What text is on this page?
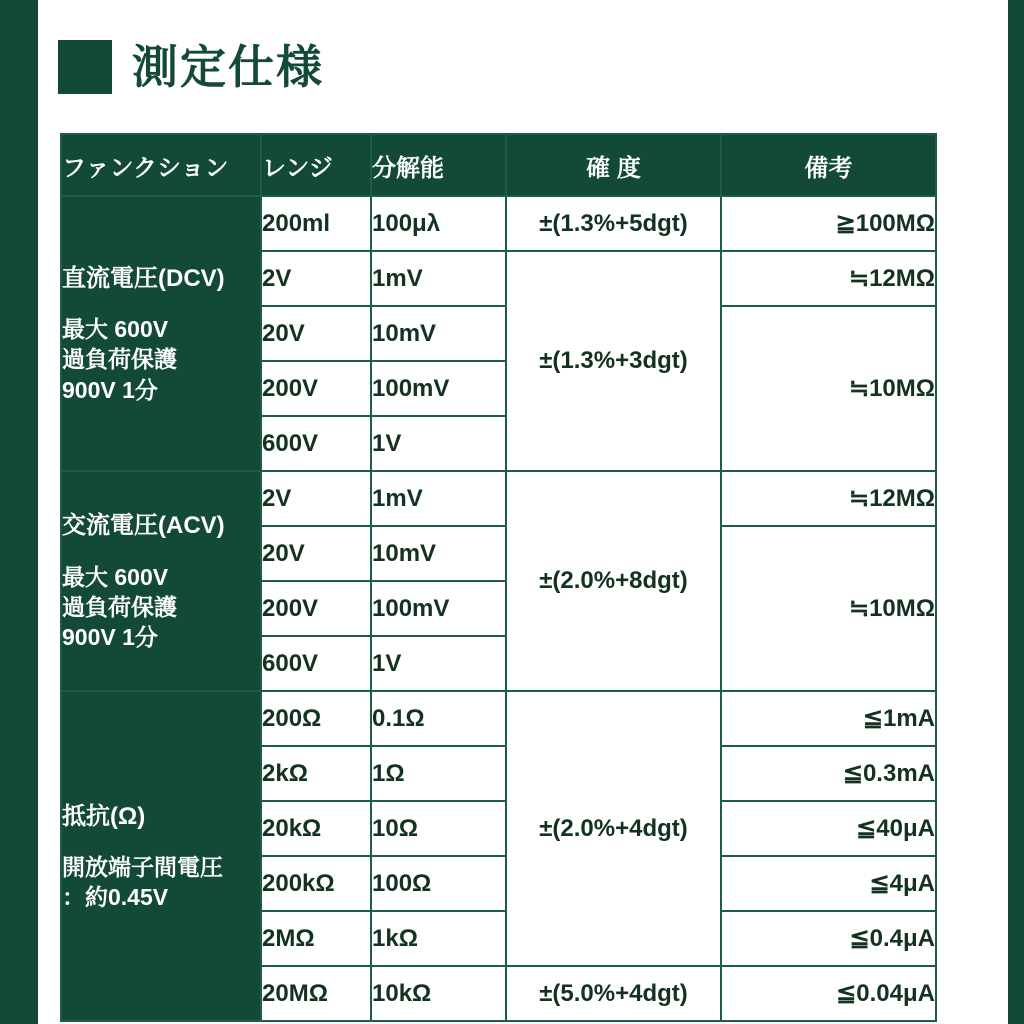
測定仕様
ファンクション	レンジ	分解能	確 度	備考

直流電圧(DCV)
最大 600V
過負荷保護
900V 1分	200ml	100μλ	±(1.3%+5dgt)	≧100MΩ
	2V	1mV	±(1.3%+3dgt)	≒12MΩ
	20V	10mV		≒10MΩ
	200V	100mV		
	600V	1V		

交流電圧(ACV)
最大 600V
過負荷保護
900V 1分	2V	1mV	±(2.0%+8dgt)	≒12MΩ
	20V	10mV		≒10MΩ
	200V	100mV		
	600V	1V		

抵抗(Ω)
開放端子間電圧
：約0.45V	200Ω	0.1Ω	±(2.0%+4dgt)	≦1mA
	2kΩ	1Ω		≦0.3mA
	20kΩ	10Ω		≦40μA
	200kΩ	100Ω		≦4μA
	2MΩ	1kΩ		≦0.4μA
	20MΩ	10kΩ	±(5.0%+4dgt)	≦0.04μA
